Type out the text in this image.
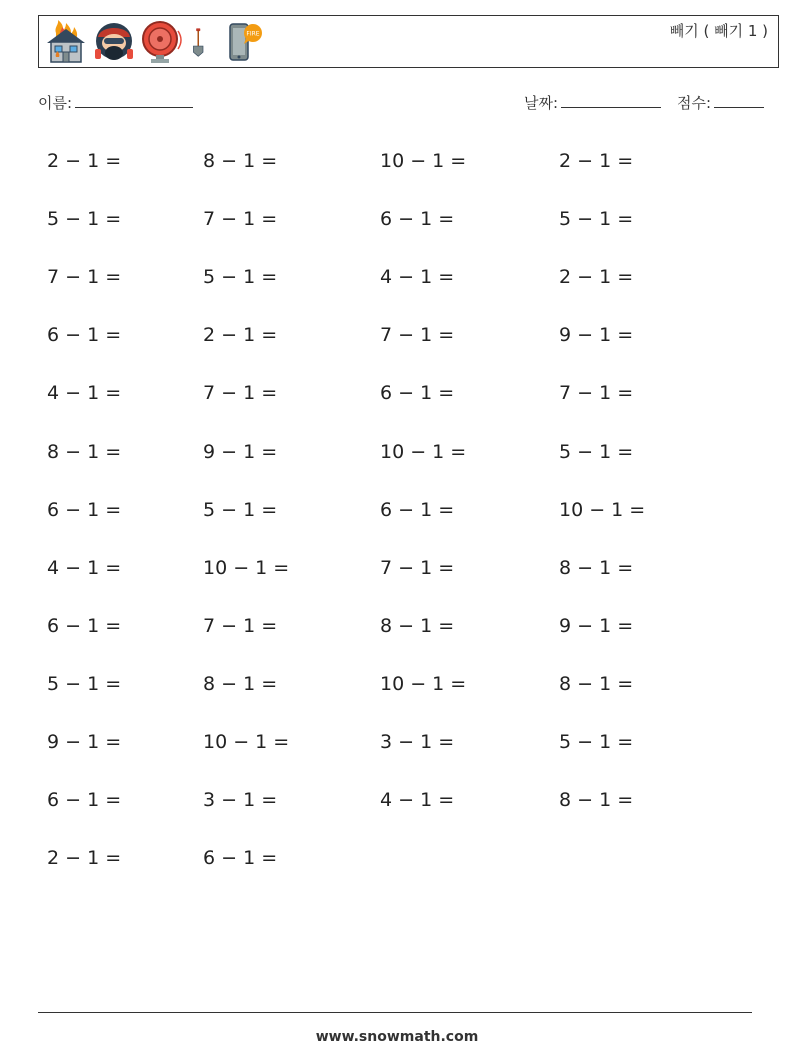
FIRE	빼기 ( 빼기 1 )
이름:	날짜:	점수:
2 − 1 =	8 − 1 =	10 − 1 =	2 − 1 =
5 − 1 =	7 − 1 =	6 − 1 =	5 − 1 =
7 − 1 =	5 − 1 =	4 − 1 =	2 − 1 =
6 − 1 =	2 − 1 =	7 − 1 =	9 − 1 =
4 − 1 =	7 − 1 =	6 − 1 =	7 − 1 =
8 − 1 =	9 − 1 =	10 − 1 =	5 − 1 =
6 − 1 =	5 − 1 =	6 − 1 =	10 − 1 =
4 − 1 =	10 − 1 =	7 − 1 =	8 − 1 =
6 − 1 =	7 − 1 =	8 − 1 =	9 − 1 =
5 − 1 =	8 − 1 =	10 − 1 =	8 − 1 =
9 − 1 =	10 − 1 =	3 − 1 =	5 − 1 =
6 − 1 =	3 − 1 =	4 − 1 =	8 − 1 =
2 − 1 =	6 − 1 =
www.snowmath.com
